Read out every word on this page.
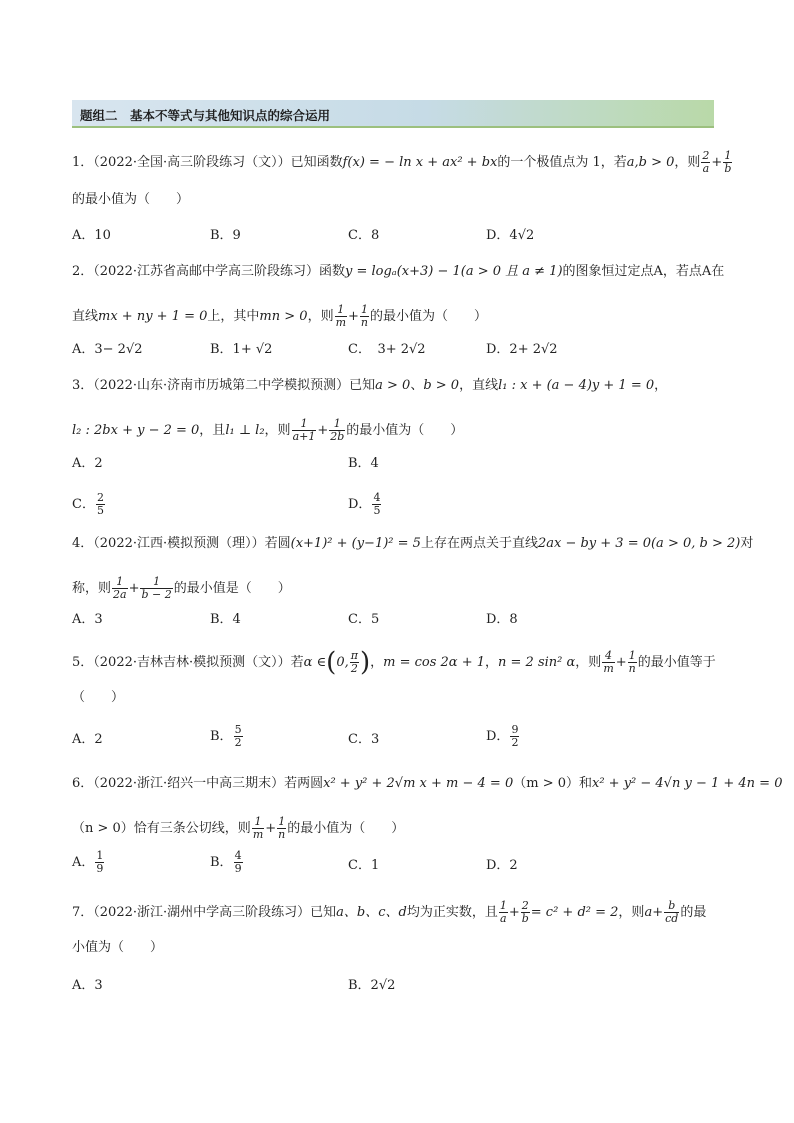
题组二　基本不等式与其他知识点的综合运用
1．（2022·全国·高三阶段练习（文））已知函数f(x) = − ln x + ax² + bx的一个极值点为 1，若a,b > 0，则 $\frac{2}{a} + \frac{1}{b}$
的最小值为（　　）
A．10	B．9	C．8	D．4√2
2．（2022·江苏省高邮中学高三阶段练习）函数y = logₐ(x+3) − 1(a > 0 且 a ≠ 1)的图象恒过定点A，若点A在
直线mx + ny + 1 = 0上，其中mn > 0，则 $\frac{1}{m} + \frac{1}{n}$ 的最小值为（　　）
A．3− 2√2	B．1+ √2	C．　3+ 2√2	D．2+ 2√2
3．（2022·山东·济南市历城第二中学模拟预测）已知a > 0、b > 0，直线l₁ : x + (a − 4)y + 1 = 0，
l₂ : 2bx + y − 2 = 0，且l₁ ⊥ l₂，则 $\frac{1}{a+1} + \frac{1}{2b}$ 的最小值为（　　）
A．2	B．4
C． $\frac{2}{5}$	D． $\frac{4}{5}$
4．（2022·江西·模拟预测（理））若圆(x+1)² + (y−1)² = 5上存在两点关于直线2ax − by + 3 = 0(a > 0, b > 2)对
称，则 $\frac{1}{2a} + \frac{1}{b - 2}$ 的最小值是（　　）
A．3	B．4	C．5	D．8
5．（2022·吉林吉林·模拟预测（文））若α ∈(0, $\frac{\pi}{2}$ )，m = cos 2α + 1，n = 2 sin² α，则 $\frac{4}{m} + \frac{1}{n}$ 的最小值等于
（　　）
A．2	B． $\frac{5}{2}$	C．3	D． $\frac{9}{2}$
6．（2022·浙江·绍兴一中高三期末）若两圆x² + y² + 2√m x + m − 4 = 0（m > 0）和x² + y² − 4√n y − 1 + 4n = 0
（n > 0）恰有三条公切线，则 $\frac{1}{m} + \frac{1}{n}$ 的最小值为（　　）
A． $\frac{1}{9}$	B． $\frac{4}{9}$	C．1	D．2
7．（2022·浙江·湖州中学高三阶段练习）已知a、b、c、d均为正实数，且 $\frac{1}{a} + \frac{2}{b} = c^2 + d^2 = 2$，则$a+ \frac{b}{cd}$ 的最
小值为（　　）
A．3	B．2√2
